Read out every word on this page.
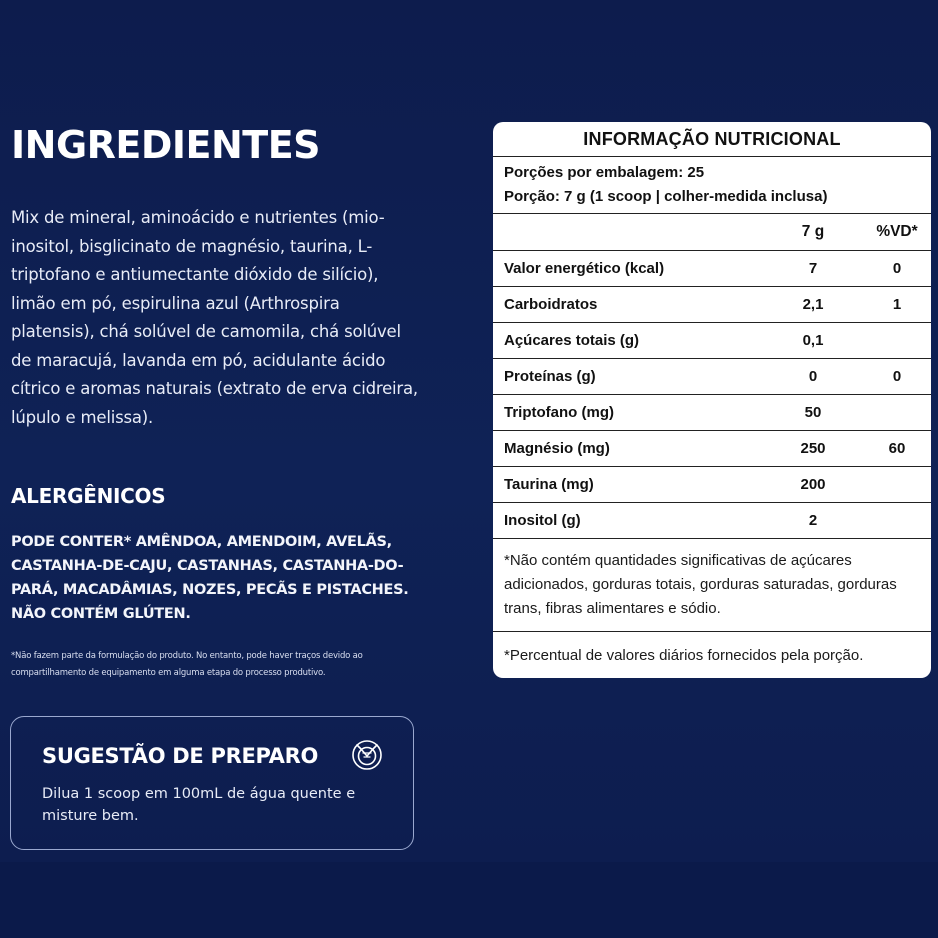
INGREDIENTES
Mix de mineral, aminoácido e nutrientes (mio-inositol, bisglicinato de magnésio, taurina, L-triptofano e antiumectante dióxido de silício), limão em pó, espirulina azul (Arthrospira platensis), chá solúvel de camomila, chá solúvel de maracujá, lavanda em pó, acidulante ácido cítrico e aromas naturais (extrato de erva cidreira, lúpulo e melissa).
ALERGÊNICOS
PODE CONTER* AMÊNDOA, AMENDOIM, AVELÃS, CASTANHA-DE-CAJU, CASTANHAS, CASTANHA-DO-PARÁ, MACADÂMIAS, NOZES, PECÃS E PISTACHES. NÃO CONTÉM GLÚTEN.
*Não fazem parte da formulação do produto. No entanto, pode haver traços devido ao compartilhamento de equipamento em alguma etapa do processo produtivo.
SUGESTÃO DE PREPARO
Dilua 1 scoop em 100mL de água quente e misture bem.
INFORMAÇÃO NUTRICIONAL
Porções por embalagem: 25
Porção: 7 g (1 scoop | colher-medida inclusa)
	7 g	%VD*
Valor energético (kcal)	7	0
Carboidratos	2,1	1
Açúcares totais (g)	0,1	
Proteínas (g)	0	0
Triptofano (mg)	50	
Magnésio (mg)	250	60
Taurina (mg)	200	
Inositol (g)	2	
*Não contém quantidades significativas de açúcares adicionados, gorduras totais, gorduras saturadas, gorduras trans, fibras alimentares e sódio.
*Percentual de valores diários fornecidos pela porção.
